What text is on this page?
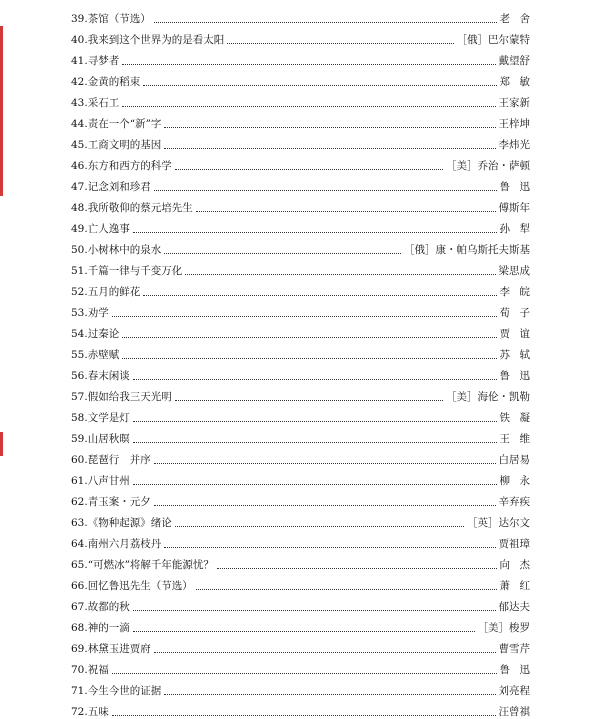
39.茶馆（节选）	老舍
40.我来到这个世界为的是看太阳	［俄］巴尔蒙特
41.寻梦者	戴望舒
42.金黄的稻束	郑敏
43.采石工	王家新
44.责在一个“新”字	王梓坤
45.工商文明的基因	李炜光
46.东方和西方的科学	［美］乔治・萨顿
47.记念刘和珍君	鲁迅
48.我所敬仰的蔡元培先生	傅斯年
49.亡人逸事	孙犁
50.小树林中的泉水	［俄］康・帕乌斯托夫斯基
51.千篇一律与千变万化	梁思成
52.五月的鲜花	李皖
53.劝学	荀子
54.过秦论	贾谊
55.赤壁赋	苏轼
56.春末闲谈	鲁迅
57.假如给我三天光明	［美］海伦・凯勒
58.文学是灯	铁凝
59.山居秋暝	王维
60.琵琶行　并序	白居易
61.八声甘州	柳永
62.青玉案・元夕	辛弃疾
63.《物种起源》绪论	［英］达尔文
64.南州六月荔枝丹	贾祖璋
65.“可燃冰”将解千年能源忧？	向杰
66.回忆鲁迅先生（节选）	萧红
67.故都的秋	郁达夫
68.神的一滴	［美］梭罗
69.林黛玉进贾府	曹雪芹
70.祝福	鲁迅
71.今生今世的证据	刘亮程
72.五味	汪曾祺
